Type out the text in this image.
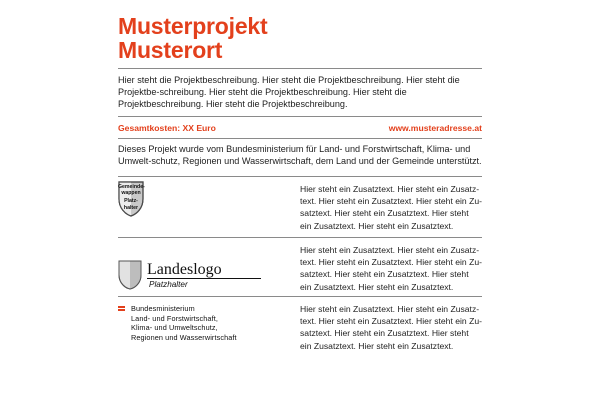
Musterprojekt
Musterort
Hier steht die Projektbeschreibung. Hier steht die Projektbeschreibung. Hier steht die Projektbe-schreibung. Hier steht die Projektbeschreibung. Hier steht die Projektbeschreibung. Hier steht die Projektbeschreibung.
Gesamtkosten: XX Euro	www.musteradresse.at
Dieses Projekt wurde vom Bundesministerium für Land- und Forstwirtschaft, Klima- und Umwelt-schutz, Regionen und Wasserwirtschaft, dem Land und der Gemeinde unterstützt.
Gemeinde-
wappen
Platz-
halter
Hier steht ein Zusatztext. Hier steht ein Zusatz-text. Hier steht ein Zusatztext. Hier steht ein Zu-satztext. Hier steht ein Zusatztext. Hier steht ein Zusatztext. Hier steht ein Zusatztext.
Landeslogo
Platzhalter
Hier steht ein Zusatztext. Hier steht ein Zusatz-text. Hier steht ein Zusatztext. Hier steht ein Zu-satztext. Hier steht ein Zusatztext. Hier steht ein Zusatztext. Hier steht ein Zusatztext.
Bundesministerium
Land- und Forstwirtschaft,
Klima- und Umweltschutz,
Regionen und Wasserwirtschaft
Hier steht ein Zusatztext. Hier steht ein Zusatz-text. Hier steht ein Zusatztext. Hier steht ein Zu-satztext. Hier steht ein Zusatztext. Hier steht ein Zusatztext. Hier steht ein Zusatztext.
